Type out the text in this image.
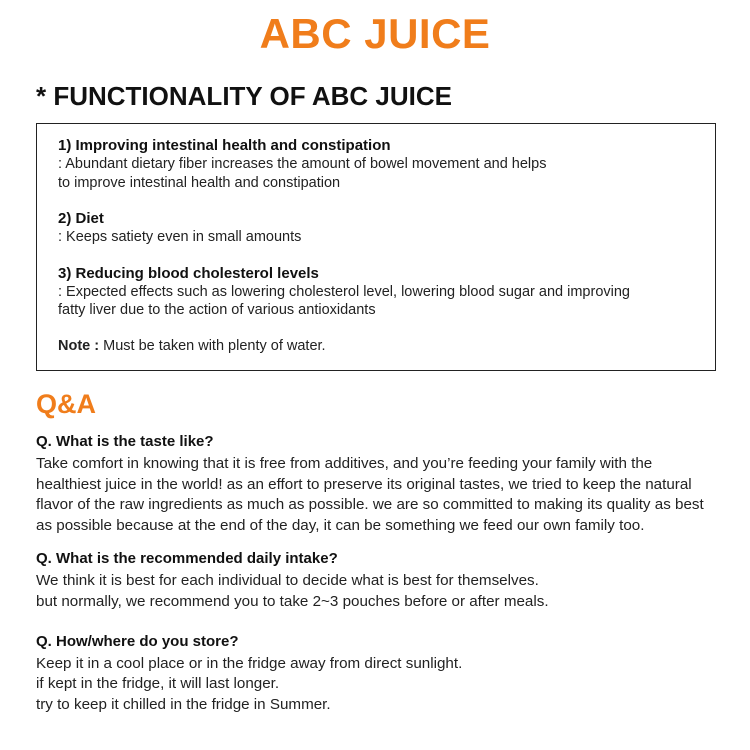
ABC JUICE
* FUNCTIONALITY OF ABC JUICE
1) Improving intestinal health and constipation
: Abundant dietary fiber increases the amount of bowel movement and helps
to improve intestinal health and constipation
2) Diet
: Keeps satiety even in small amounts
3) Reducing blood cholesterol levels
: Expected effects such as lowering cholesterol level, lowering blood sugar and improving
fatty liver due to the action of various antioxidants
Note : Must be taken with plenty of water.
Q&A
Q. What is the taste like?
Take comfort in knowing that it is free from additives, and you’re feeding your family with the
healthiest juice in the world! as an effort to preserve its original tastes, we tried to keep the natural
flavor of the raw ingredients as much as possible. we are so committed to making its quality as best
as possible because at the end of the day, it can be something we feed our own family too.
Q. What is the recommended daily intake?
We think it is best for each individual to decide what is best for themselves.
but normally, we recommend you to take 2~3 pouches before or after meals.
Q. How/where do you store?
Keep it in a cool place or in the fridge away from direct sunlight.
if kept in the fridge, it will last longer.
try to keep it chilled in the fridge in Summer.
